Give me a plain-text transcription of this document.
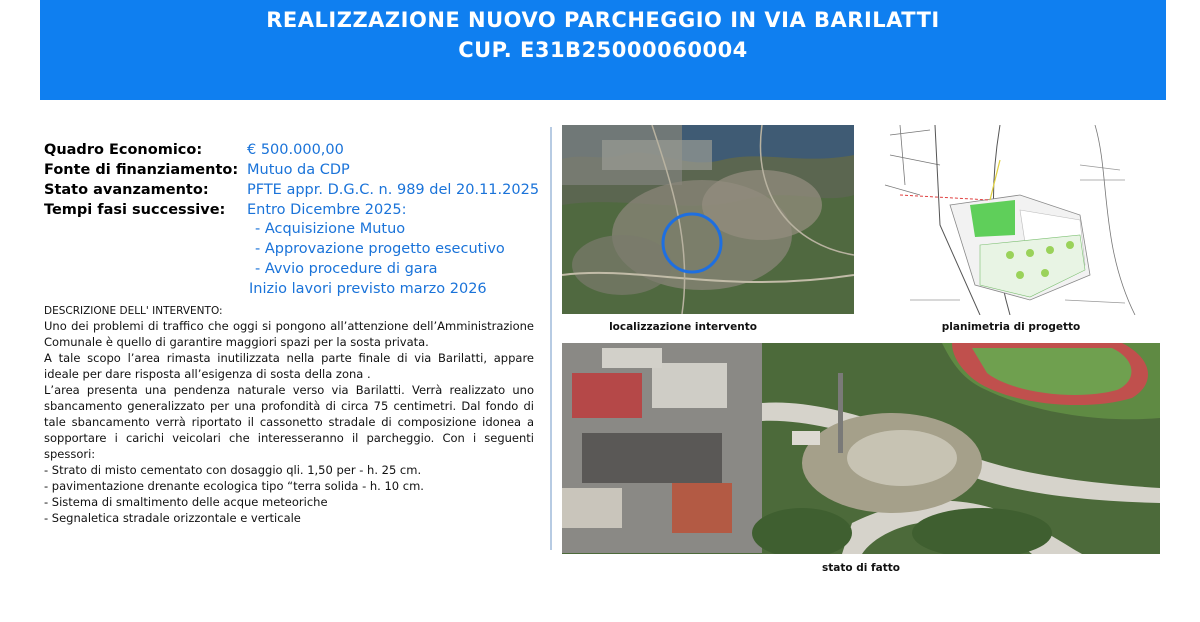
REALIZZAZIONE NUOVO PARCHEGGIO IN VIA BARILATTI
CUP. E31B25000060004
Quadro Economico:	€ 500.000,00
Fonte di finanziamento: Mutuo da CDP
Stato avanzamento:	PFTE appr. D.G.C. n. 989 del 20.11.2025
Tempi fasi successive: Entro Dicembre 2025:
- Acquisizione Mutuo
- Approvazione progetto esecutivo
- Avvio procedure di gara
Inizio lavori previsto marzo 2026
DESCRIZIONE DELL' INTERVENTO:

Uno dei problemi di traffico che oggi si pongono all’attenzione dell’Amministrazione Comunale è quello di garantire maggiori spazi per la sosta privata.

A tale scopo l’area rimasta inutilizzata nella parte finale di via Barilatti, appare ideale per dare risposta all’esigenza di sosta della zona .

L’area presenta una pendenza naturale verso via Barilatti. Verrà realizzato uno sbancamento generalizzato per una profondità di circa 75 centimetri. Dal fondo di tale sbancamento verrà riportato il cassonetto stradale di composizione idonea a sopportare i carichi veicolari che interesseranno il parcheggio. Con i seguenti spessori:

- Strato di misto cementato con dosaggio qli. 1,50 per - h. 25 cm.
- pavimentazione drenante ecologica tipo “terra solida - h. 10 cm.
- Sistema di smaltimento delle acque meteoriche
- Segnaletica stradale orizzontale e verticale
localizzazione intervento	planimetria di progetto
stato di fatto
